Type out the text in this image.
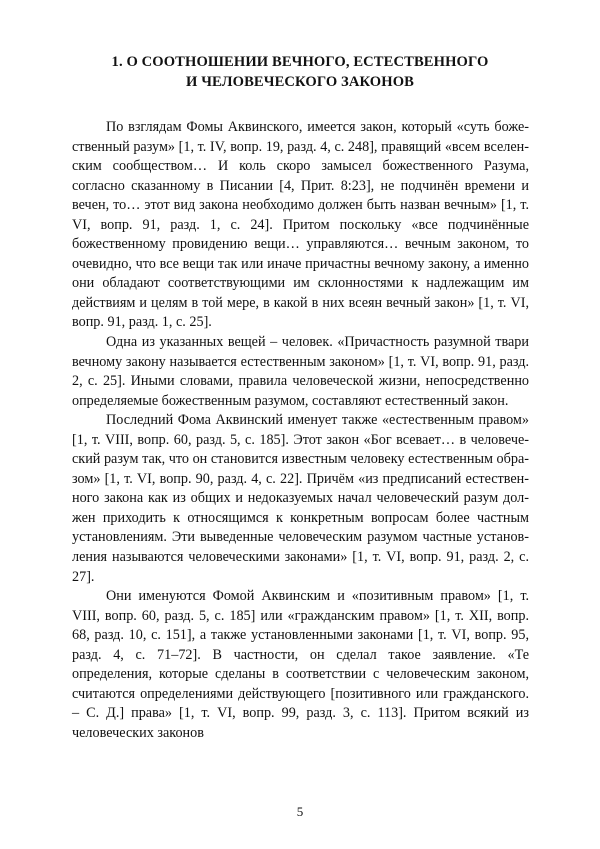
1. О СООТНОШЕНИИ ВЕЧНОГО, ЕСТЕСТВЕННОГО
И ЧЕЛОВЕЧЕСКОГО ЗАКОНОВ

По взглядам Фомы Аквинского, имеется закон, который «суть божественный разум» [1, т. IV, вопр. 19, разд. 4, с. 248], правящий «всем вселенским сообществом… И коль скоро замысел божественного Разума, согласно сказанному в Писании [4, Прит. 8:23], не подчинён времени и вечен, то… этот вид закона необходимо должен быть назван вечным» [1, т. VI, вопр. 91, разд. 1, с. 24]. Притом поскольку «все подчинённые божественному провидению вещи… управляются… вечным законом, то очевидно, что все вещи так или иначе причастны вечному закону, а именно они обладают соответствующими им склонностями к надлежащим им действиям и целям в той мере, в какой в них всеян вечный закон» [1, т. VI, вопр. 91, разд. 1, с. 25].

Одна из указанных вещей – человек. «Причастность разумной твари вечному закону называется естественным законом» [1, т. VI, вопр. 91, разд. 2, с. 25]. Иными словами, правила человеческой жизни, непосредственно определяемые божественным разумом, составляют естественный закон.

Последний Фома Аквинский именует также «естественным правом» [1, т. VIII, вопр. 60, разд. 5, с. 185]. Этот закон «Бог всевает… в человеческий разум так, что он становится известным человеку естественным образом» [1, т. VI, вопр. 90, разд. 4, с. 22]. Причём «из предписаний естественного закона как из общих и недоказуемых начал человеческий разум должен приходить к относящимся к конкретным вопросам более частным установлениям. Эти выведенные человеческим разумом частные установления называются человеческими законами» [1, т. VI, вопр. 91, разд. 2, с. 27].

Они именуются Фомой Аквинским и «позитивным правом» [1, т. VIII, вопр. 60, разд. 5, с. 185] или «гражданским правом» [1, т. XII, вопр. 68, разд. 10, с. 151], а также установленными законами [1, т. VI, вопр. 95, разд. 4, с. 71–72]. В частности, он сделал такое заявление. «Те определения, которые сделаны в соответствии с человеческим законом, считаются определениями действующего [позитивного или гражданского. – С. Д.] права» [1, т. VI, вопр. 99, разд. 3, с. 113]. Притом всякий из человеческих законов

5
